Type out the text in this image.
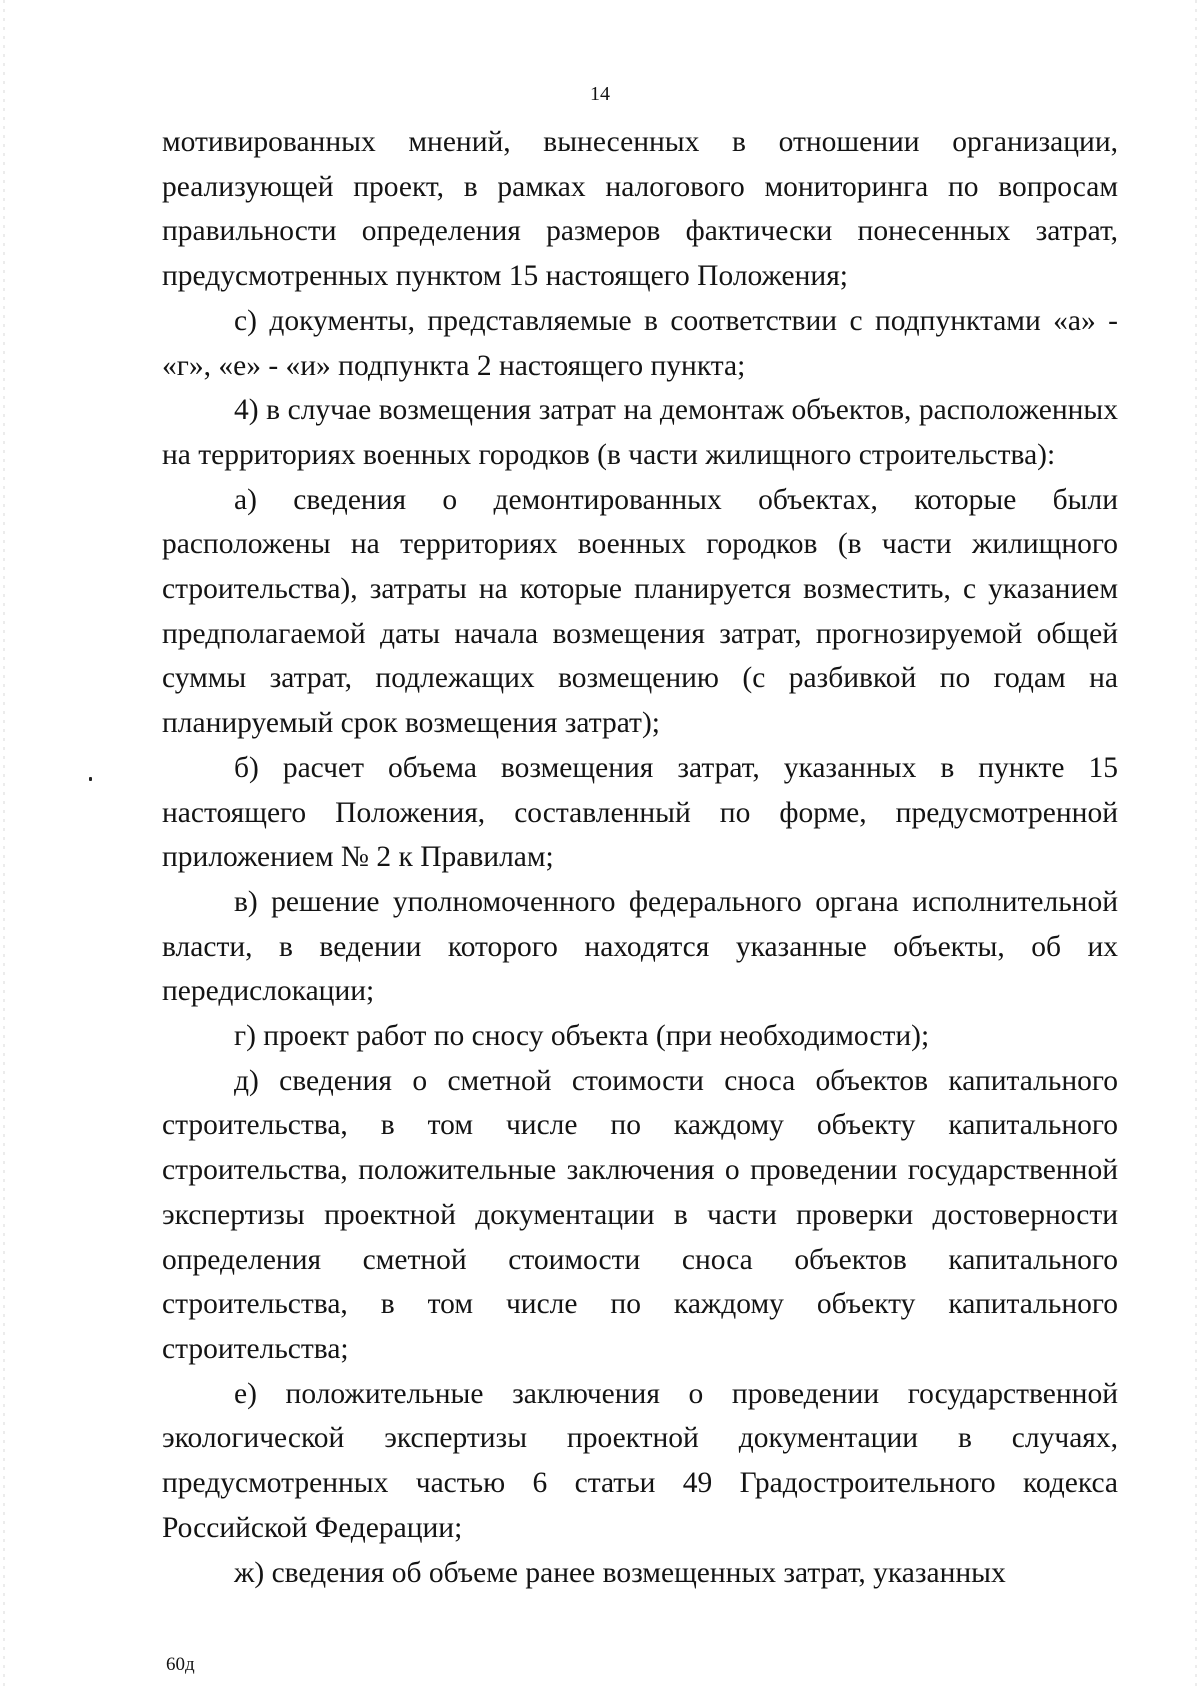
14

мотивированных мнений, вынесенных в отношении организации, реализующей проект, в рамках налогового мониторинга по вопросам правильности определения размеров фактически понесенных затрат, предусмотренных пунктом 15 настоящего Положения;

с) документы, представляемые в соответствии с подпунктами «а» - «г», «е» - «и» подпункта 2 настоящего пункта;

4) в случае возмещения затрат на демонтаж объектов, расположенных на территориях военных городков (в части жилищного строительства):

а) сведения о демонтированных объектах, которые были расположены на территориях военных городков (в части жилищного строительства), затраты на которые планируется возместить, с указанием предполагаемой даты начала возмещения затрат, прогнозируемой общей суммы затрат, подлежащих возмещению (с разбивкой по годам на планируемый срок возмещения затрат);

б) расчет объема возмещения затрат, указанных в пункте 15 настоящего Положения, составленный по форме, предусмотренной приложением № 2 к Правилам;

в) решение уполномоченного федерального органа исполнительной власти, в ведении которого находятся указанные объекты, об их передислокации;

г) проект работ по сносу объекта (при необходимости);

д) сведения о сметной стоимости сноса объектов капитального строительства, в том числе по каждому объекту капитального строительства, положительные заключения о проведении государственной экспертизы проектной документации в части проверки достоверности определения сметной стоимости сноса объектов капитального строительства, в том числе по каждому объекту капитального строительства;

е) положительные заключения о проведении государственной экологической экспертизы проектной документации в случаях, предусмотренных частью 6 статьи 49 Градостроительного кодекса Российской Федерации;

ж) сведения об объеме ранее возмещенных затрат, указанных

60д
